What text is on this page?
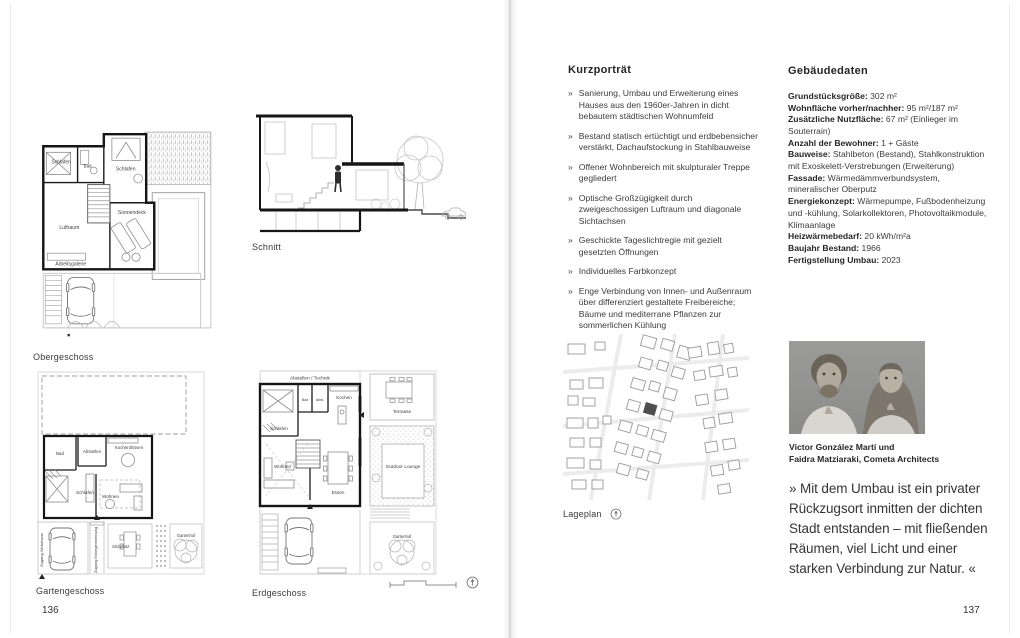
Schlafen
Bad
Schlafen
Sonnendeck
Luftraum
Arbeitsgalerie
Obergeschoss
Schnitt
Zugang Wohnhaus	Zugang Einliegerwohnung
Bad	Abstellen
Kochen/Essen
Schlafen
Wohnen
Sitzplatz
Gartenhof
Gartengeschoss
Abstellen / Technik
Schlafen
Bad Abst.	Kochen
Terrasse
Wohnen
Essen
Outdoor Lounge
Gartenhof
Erdgeschoss
136
Kurzporträt
» Sanierung, Umbau und Erweiterung eines Hauses aus den 1960er-Jahren in dicht bebautem städtischen Wohnumfeld
» Bestand statisch ertüchtigt und erdbebensicher verstärkt, Dachaufstockung in Stahlbauweise
» Offener Wohnbereich mit skulpturaler Treppe gegliedert
» Optische Großzügigkeit durch zweigeschossigen Luftraum und diagonale Sichtachsen
» Geschickte Tageslichtregie mit gezielt gesetzten Öffnungen
» Individuelles Farbkonzept
» Enge Verbindung von Innen- und Außenraum über differenziert gestaltete Freibereiche; Bäume und mediterrane Pflanzen zur sommerlichen Kühlung
Gebäudedaten
Grundstücksgröße: 302 m²
Wohnfläche vorher/nachher: 95 m²/187 m²
Zusätzliche Nutzfläche: 67 m² (Einlieger im Souterrain)
Anzahl der Bewohner: 1 + Gäste
Bauweise: Stahlbeton (Bestand), Stahlkonstruktion mit Exoskelett-Verstrebungen (Erweiterung)
Fassade: Wärmedämmverbundsystem, mineralischer Oberputz
Energiekonzept: Wärmepumpe, Fußbodenheizung und -kühlung, Solarkollektoren, Photovoltaikmodule, Klimaanlage
Heizwärmebedarf: 20 kWh/m²a
Baujahr Bestand: 1966
Fertigstellung Umbau: 2023
Lageplan
Victor González Martí und
Faidra Matziaraki, Cometa Architects
» Mit dem Umbau ist ein privater Rückzugsort inmitten der dichten Stadt entstanden – mit fließenden Räumen, viel Licht und einer starken Verbindung zur Natur. «
137
